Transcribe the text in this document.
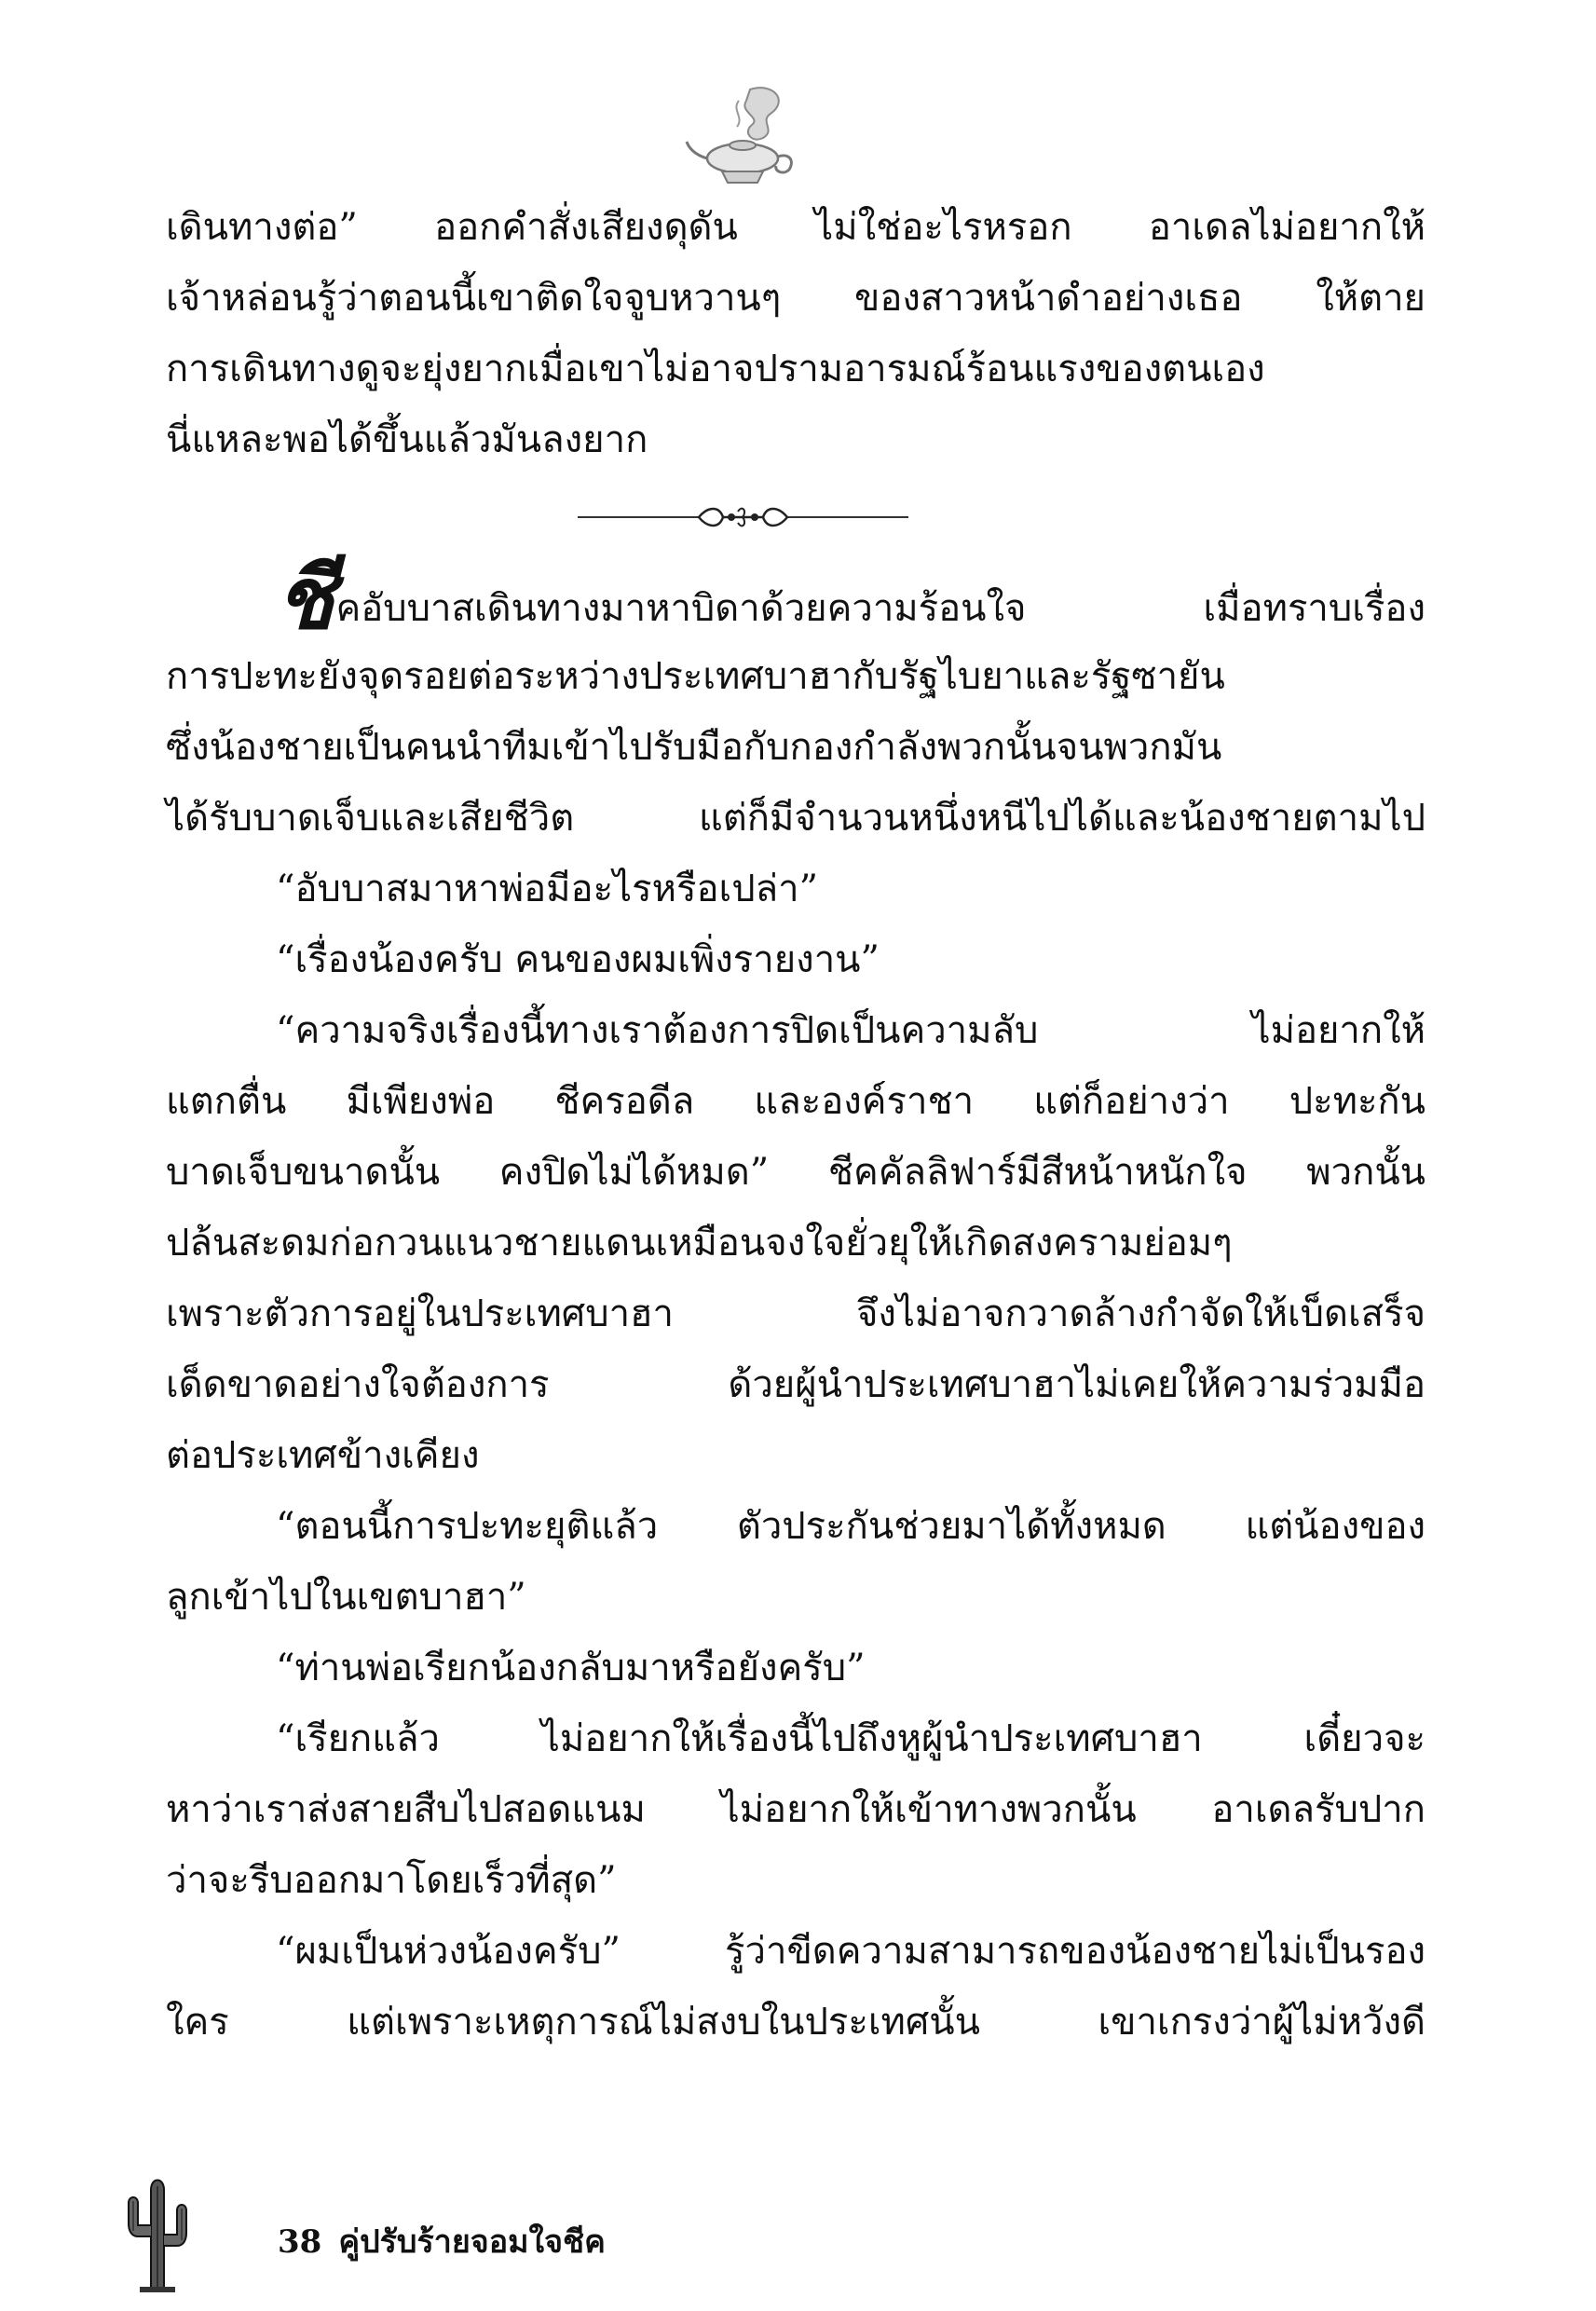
เดินทางต่อ” ออกคำสั่งเสียงดุดัน ไม่ใช่อะไรหรอก อาเดลไม่อยากให้
เจ้าหล่อนรู้ว่าตอนนี้เขาติดใจจูบหวานๆ ของสาวหน้าดำอย่างเธอ ให้ตาย
การเดินทางดูจะยุ่งยากเมื่อเขาไม่อาจปรามอารมณ์ร้อนแรงของตนเอง
นี่แหละพอได้ขึ้นแล้วมันลงยาก
ชีคอับบาสเดินทางมาหาบิดาด้วยความร้อนใจ เมื่อทราบเรื่อง
การปะทะยังจุดรอยต่อระหว่างประเทศบาฮากับรัฐไบยาและรัฐซายัน
ซึ่งน้องชายเป็นคนนำทีมเข้าไปรับมือกับกองกำลังพวกนั้นจนพวกมัน
ได้รับบาดเจ็บและเสียชีวิต แต่ก็มีจำนวนหนึ่งหนีไปได้และน้องชายตามไป
“อับบาสมาหาพ่อมีอะไรหรือเปล่า”
“เรื่องน้องครับ คนของผมเพิ่งรายงาน”
“ความจริงเรื่องนี้ทางเราต้องการปิดเป็นความลับ ไม่อยากให้
แตกตื่น มีเพียงพ่อ ชีครอดีล และองค์ราชา แต่ก็อย่างว่า ปะทะกัน
บาดเจ็บขนาดนั้น คงปิดไม่ได้หมด” ชีคคัลลิฟาร์มีสีหน้าหนักใจ พวกนั้น
ปล้นสะดมก่อกวนแนวชายแดนเหมือนจงใจยั่วยุให้เกิดสงครามย่อมๆ
เพราะตัวการอยู่ในประเทศบาฮา จึงไม่อาจกวาดล้างกำจัดให้เบ็ดเสร็จ
เด็ดขาดอย่างใจต้องการ ด้วยผู้นำประเทศบาฮาไม่เคยให้ความร่วมมือ
ต่อประเทศข้างเคียง
“ตอนนี้การปะทะยุติแล้ว ตัวประกันช่วยมาได้ทั้งหมด แต่น้องของ
ลูกเข้าไปในเขตบาฮา”
“ท่านพ่อเรียกน้องกลับมาหรือยังครับ”
“เรียกแล้ว ไม่อยากให้เรื่องนี้ไปถึงหูผู้นำประเทศบาฮา เดี๋ยวจะ
หาว่าเราส่งสายสืบไปสอดแนม ไม่อยากให้เข้าทางพวกนั้น อาเดลรับปาก
ว่าจะรีบออกมาโดยเร็วที่สุด”
“ผมเป็นห่วงน้องครับ” รู้ว่าขีดความสามารถของน้องชายไม่เป็นรอง
ใคร แต่เพราะเหตุการณ์ไม่สงบในประเทศนั้น เขาเกรงว่าผู้ไม่หวังดี
38 คู่ปรับร้ายจอมใจชีค
